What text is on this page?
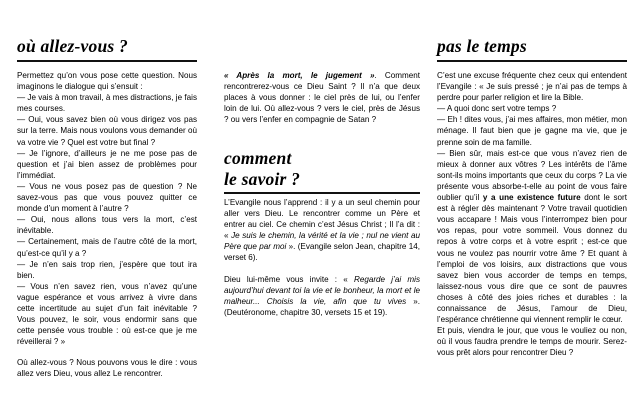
où allez-vous ?

Permettez qu’on vous pose cette question. Nous imaginons le dialogue qui s’ensuit :

— Je vais à mon travail, à mes distractions, je fais mes courses.

— Oui, vous savez bien où vous dirigez vos pas sur la terre. Mais nous voulons vous demander où va votre vie ? Quel est votre but final ?

— Je l’ignore, d’ailleurs je ne me pose pas de question et j’ai bien assez de problèmes pour l’immédiat.

— Vous ne vous posez pas de question ? Ne savez-vous pas que vous pouvez quitter ce monde d’un moment à l’autre ?

— Oui, nous allons tous vers la mort, c’est inévitable.

— Certainement, mais de l’autre côté de la mort, qu’est-ce qu’il y a ?

— Je n’en sais trop rien, j’espère que tout ira bien.

— Vous n’en savez rien, vous n’avez qu’une vague espérance et vous arrivez à vivre dans cette incertitude au sujet d’un fait inévitable ? Vous pouvez, le soir, vous endormir sans que cette pensée vous trouble : où est-ce que je me réveillerai ? »

Où allez-vous ? Nous pouvons vous le dire : vous allez vers Dieu, vous allez Le rencontrer.

« Après la mort, le jugement ». Comment rencontrerez-vous ce Dieu Saint ? Il n’a que deux places à vous donner : le ciel près de lui, ou l’enfer loin de lui. Où allez-vous ? vers le ciel, près de Jésus ? ou vers l’enfer en compagnie de Satan ?

comment
le savoir ?

L’Evangile nous l’apprend : il y a un seul chemin pour aller vers Dieu. Le rencontrer comme un Père et entrer au ciel. Ce chemin c’est Jésus Christ ; Il l’a dit : « Je suis le chemin, la vérité et la vie ; nul ne vient au Père que par moi ». (Evangile selon Jean, chapitre 14, verset 6).

Dieu lui-même vous invite : « Regarde j’ai mis aujourd’hui devant toi la vie et le bonheur, la mort et le malheur... Choisis la vie, afin que tu vives ». (Deutéronome, chapitre 30, versets 15 et 19).

pas le temps

C’est une excuse fréquente chez ceux qui entendent l’Evangile : « Je suis pressé ; je n’ai pas de temps à perdre pour parler religion et lire la Bible.

— A quoi donc sert votre temps ?

— Eh ! dites vous, j’ai mes affaires, mon métier, mon ménage. Il faut bien que je gagne ma vie, que je prenne soin de ma famille.

— Bien sûr, mais est-ce que vous n’avez rien de mieux à donner aux vôtres ? Les intérêts de l’âme sont-ils moins importants que ceux du corps ? La vie présente vous absorbe-t-elle au point de vous faire oublier qu’il y a une existence future dont le sort est à régler dès maintenant ? Votre travail quotidien vous accapare ! Mais vous l’interrompez bien pour vos repas, pour votre sommeil. Vous donnez du repos à votre corps et à votre esprit ; est-ce que vous ne voulez pas nourrir votre âme ? Et quant à l’emploi de vos loisirs, aux distractions que vous savez bien vous accorder de temps en temps, laissez-nous vous dire que ce sont de pauvres choses à côté des joies riches et durables : la connaissance de Jésus, l’amour de Dieu, l’espérance chrétienne qui viennent remplir le cœur.

Et puis, viendra le jour, que vous le vouliez ou non, où il vous faudra prendre le temps de mourir. Serez-vous prêt alors pour rencontrer Dieu ?
